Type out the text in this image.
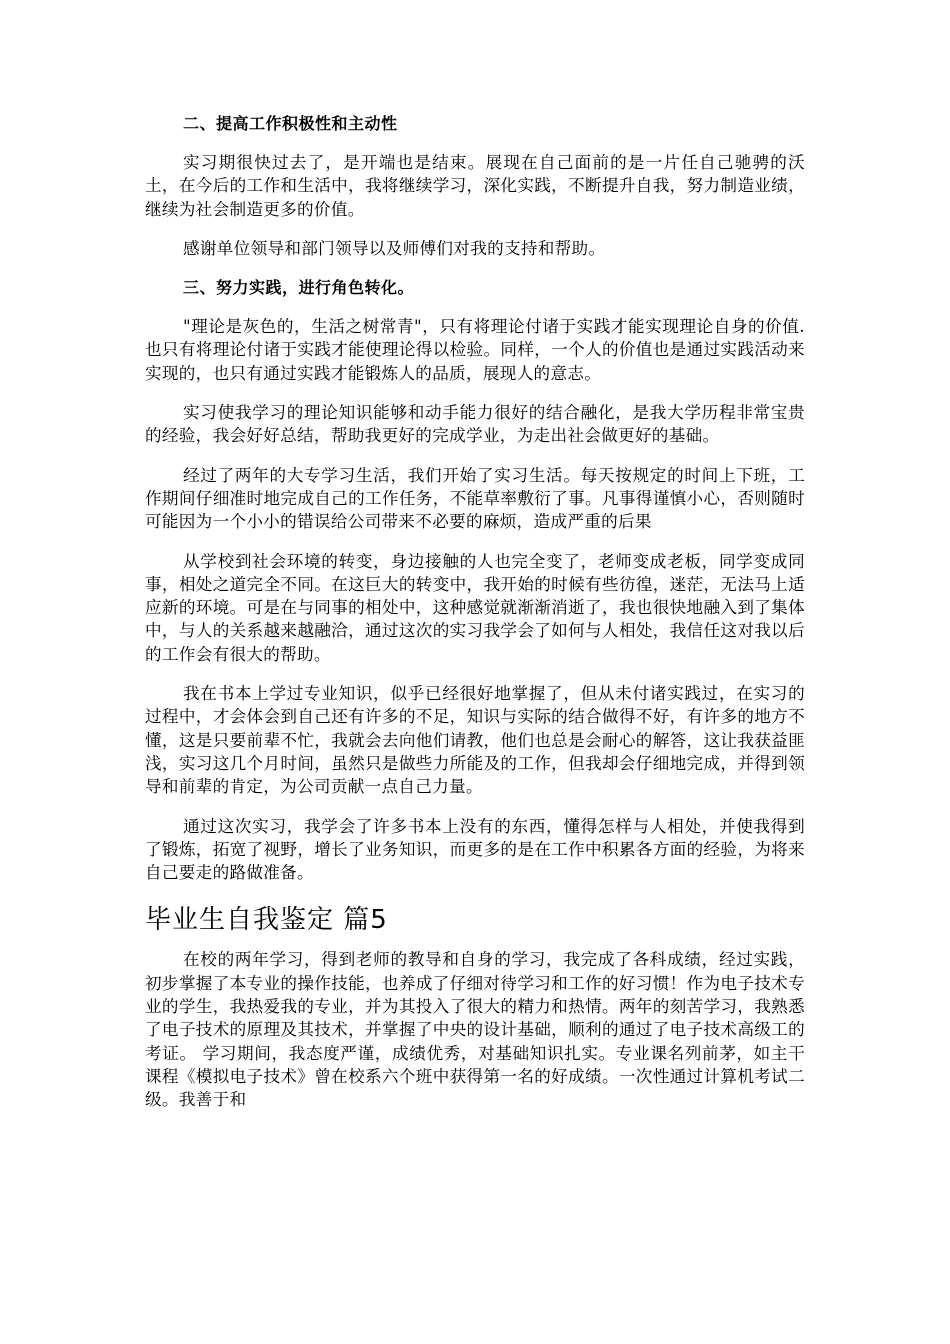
二、提高工作积极性和主动性

实习期很快过去了，是开端也是结束。展现在自己面前的是一片任自己驰骋的沃土，在今后的工作和生活中，我将继续学习，深化实践，不断提升自我，努力制造业绩，继续为社会制造更多的价值。

感谢单位领导和部门领导以及师傅们对我的支持和帮助。

三、努力实践，进行角色转化。

"理论是灰色的，生活之树常青"，只有将理论付诸于实践才能实现理论自身的价值.也只有将理论付诸于实践才能使理论得以检验。同样，一个人的价值也是通过实践活动来实现的，也只有通过实践才能锻炼人的品质，展现人的意志。

实习使我学习的理论知识能够和动手能力很好的结合融化，是我大学历程非常宝贵的经验，我会好好总结，帮助我更好的完成学业，为走出社会做更好的基础。

经过了两年的大专学习生活，我们开始了实习生活。每天按规定的时间上下班，工作期间仔细准时地完成自己的工作任务，不能草率敷衍了事。凡事得谨慎小心，否则随时可能因为一个小小的错误给公司带来不必要的麻烦，造成严重的后果

从学校到社会环境的转变，身边接触的人也完全变了，老师变成老板，同学变成同事，相处之道完全不同。在这巨大的转变中，我开始的时候有些彷徨，迷茫，无法马上适应新的环境。可是在与同事的相处中，这种感觉就渐渐消逝了，我也很快地融入到了集体中，与人的关系越来越融洽，通过这次的实习我学会了如何与人相处，我信任这对我以后的工作会有很大的帮助。

我在书本上学过专业知识，似乎已经很好地掌握了，但从未付诸实践过，在实习的过程中，才会体会到自己还有许多的不足，知识与实际的结合做得不好，有许多的地方不懂，这是只要前辈不忙，我就会去向他们请教，他们也总是会耐心的解答，这让我获益匪浅，实习这几个月时间，虽然只是做些力所能及的工作，但我却会仔细地完成，并得到领导和前辈的肯定，为公司贡献一点自己力量。

通过这次实习，我学会了许多书本上没有的东西，懂得怎样与人相处，并使我得到了锻炼，拓宽了视野，增长了业务知识，而更多的是在工作中积累各方面的经验，为将来自己要走的路做准备。

毕业生自我鉴定 篇5

在校的两年学习，得到老师的教导和自身的学习，我完成了各科成绩，经过实践，初步掌握了本专业的操作技能，也养成了仔细对待学习和工作的好习惯！作为电子技术专业的学生，我热爱我的专业，并为其投入了很大的精力和热情。两年的刻苦学习，我熟悉了电子技术的原理及其技术，并掌握了中央的设计基础，顺利的通过了电子技术高级工的考证。 学习期间，我态度严谨，成绩优秀，对基础知识扎实。专业课名列前茅，如主干课程《模拟电子技术》曾在校系六个班中获得第一名的好成绩。一次性通过计算机考试二级。我善于和
